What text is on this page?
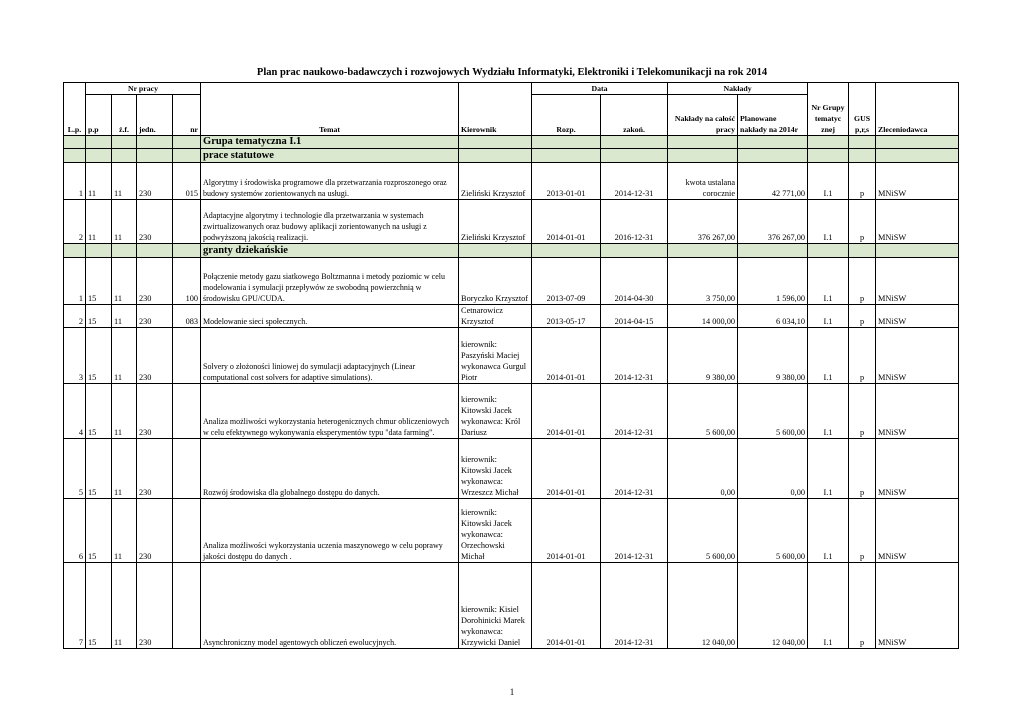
Plan prac naukowo-badawczych i rozwojowych Wydziału Informatyki, Elektroniki i Telekomunikacji na rok 2014
L.p.	Nr pracy				Temat	Kierownik	Data		Nakłady		Nr Grupy tematyc znej	GUS p,r,s	Zleceniodawca
	p.p	ź.f.	jedn.	nr			Rozp.	zakoń.	Nakłady na całość pracy	Planowane nakłady na 2014r			
					Grupa tematyczna I.1								
					prace statutowe								
1	11	11	230	015	Algorytmy i środowiska programowe dla przetwarzania rozproszonego oraz budowy systemów zorientowanych na usługi.	Zieliński Krzysztof	2013-01-01	2014-12-31	kwota ustalana corocznie	42 771,00	I.1	p	MNiSW
2	11	11	230		Adaptacyjne algorytmy i technologie dla przetwarzania w systemach zwirtualizowanych oraz budowy aplikacji zorientowanych na usługi z podwyższoną jakością realizacji.	Zieliński Krzysztof	2014-01-01	2016-12-31	376 267,00	376 267,00	I.1	p	MNiSW
					granty dziekańskie								
1	15	11	230	100	Połączenie metody gazu siatkowego Boltzmanna i metody poziomic w celu modelowania i symulacji przepływów ze swobodną powierzchnią w środowisku GPU/CUDA.	Boryczko Krzysztof	2013-07-09	2014-04-30	3 750,00	1 596,00	I.1	p	MNiSW
2	15	11	230	083	Modelowanie sieci społecznych.	Cetnarowicz Krzysztof	2013-05-17	2014-04-15	14 000,00	6 034,10	I.1	p	MNiSW
3	15	11	230		Solvery o złożoności liniowej do symulacji adaptacyjnych (Linear computational cost solvers for adaptive simulations).	kierownik: Paszyński Maciej wykonawca Gurgul Piotr	2014-01-01	2014-12-31	9 380,00	9 380,00	I.1	p	MNiSW
4	15	11	230		Analiza możliwości wykorzystania heterogenicznych chmur obliczeniowych w celu efektywnego wykonywania eksperymentów typu "data farming".	kierownik: Kitowski Jacek wykonawca: Król Dariusz	2014-01-01	2014-12-31	5 600,00	5 600,00	I.1	p	MNiSW
5	15	11	230		Rozwój środowiska dla globalnego dostępu do danych.	kierownik: Kitowski Jacek wykonawca: Wrzeszcz Michał	2014-01-01	2014-12-31	0,00	0,00	I.1	p	MNiSW
6	15	11	230		Analiza możliwości wykorzystania uczenia maszynowego w celu poprawy jakości dostępu do danych .	kierownik: Kitowski Jacek wykonawca: Orzechowski Michał	2014-01-01	2014-12-31	5 600,00	5 600,00	I.1	p	MNiSW
7	15	11	230		Asynchroniczny model agentowych obliczeń ewolucyjnych.	kierownik: Kisiel Dorohinicki Marek wykonawca: Krzywicki Daniel	2014-01-01	2014-12-31	12 040,00	12 040,00	I.1	p	MNiSW
1
